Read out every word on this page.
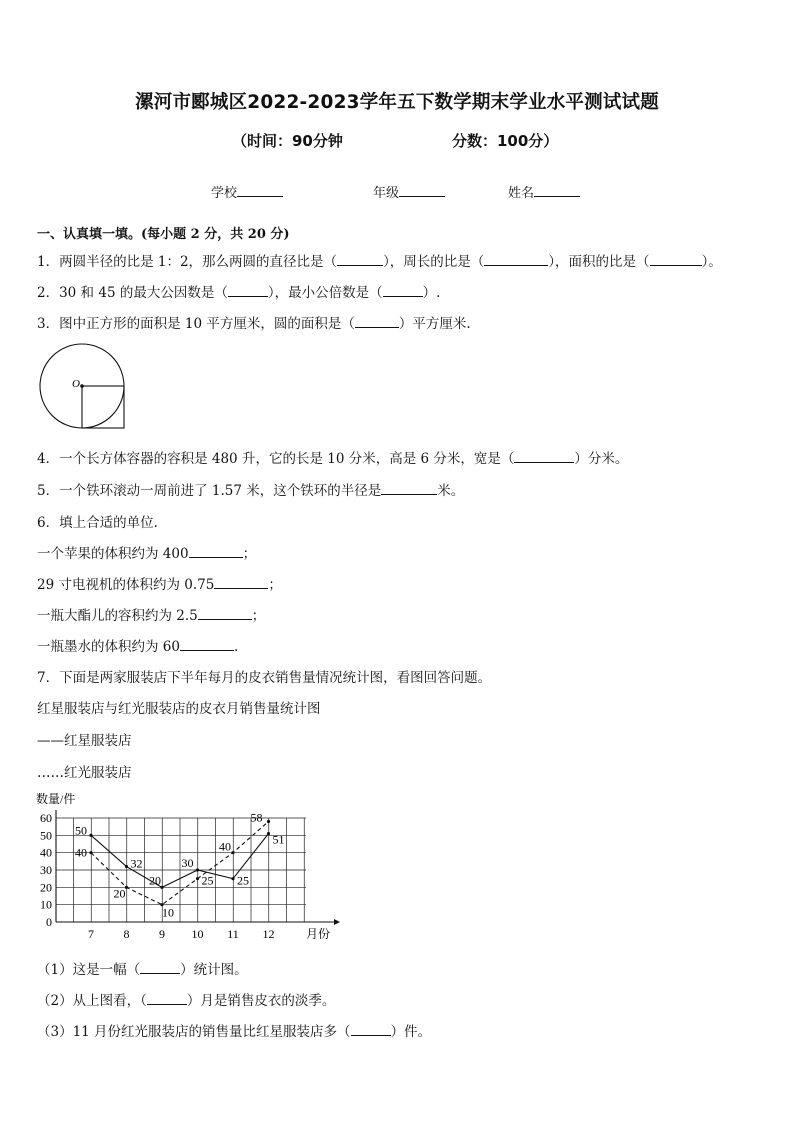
漯河市郾城区2022-2023学年五下数学期末学业水平测试试题
（时间：90分钟	分数：100分）
学校	年级	姓名
一、认真填一填。(每小题 2 分，共 20 分)
1．两圆半径的比是 1：2，那么两圆的直径比是（	），周长的比是（	），面积的比是（	）。
2．30 和 45 的最大公因数是（	），最小公倍数是（	）.
3．图中正方形的面积是 10 平方厘米，圆的面积是（	）平方厘米.
O
4．一个长方体容器的容积是 480 升，它的长是 10 分米，高是 6 分米，宽是（	）分米。
5．一个铁环滚动一周前进了 1.57 米，这个铁环的半径是	米。
6．填上合适的单位.
一个苹果的体积约为 400	；
29 寸电视机的体积约为 0.75	；
一瓶大酯儿的容积约为 2.5	；
一瓶墨水的体积约为 60	.
7．下面是两家服装店下半年每月的皮衣销售量情况统计图，看图回答问题。
红星服装店与红光服装店的皮衣月销售量统计图
——红星服装店
……红光服装店
数量/件
0
10
20
30
40
50
60
7 8 9 10 11 12
50
40
32
20
20
10
30
25
40
25
58
51
月份
（1）这是一幅（	）统计图。
（2）从上图看，（	）月是销售皮衣的淡季。
（3）11 月份红光服装店的销售量比红星服装店多（	）件。
